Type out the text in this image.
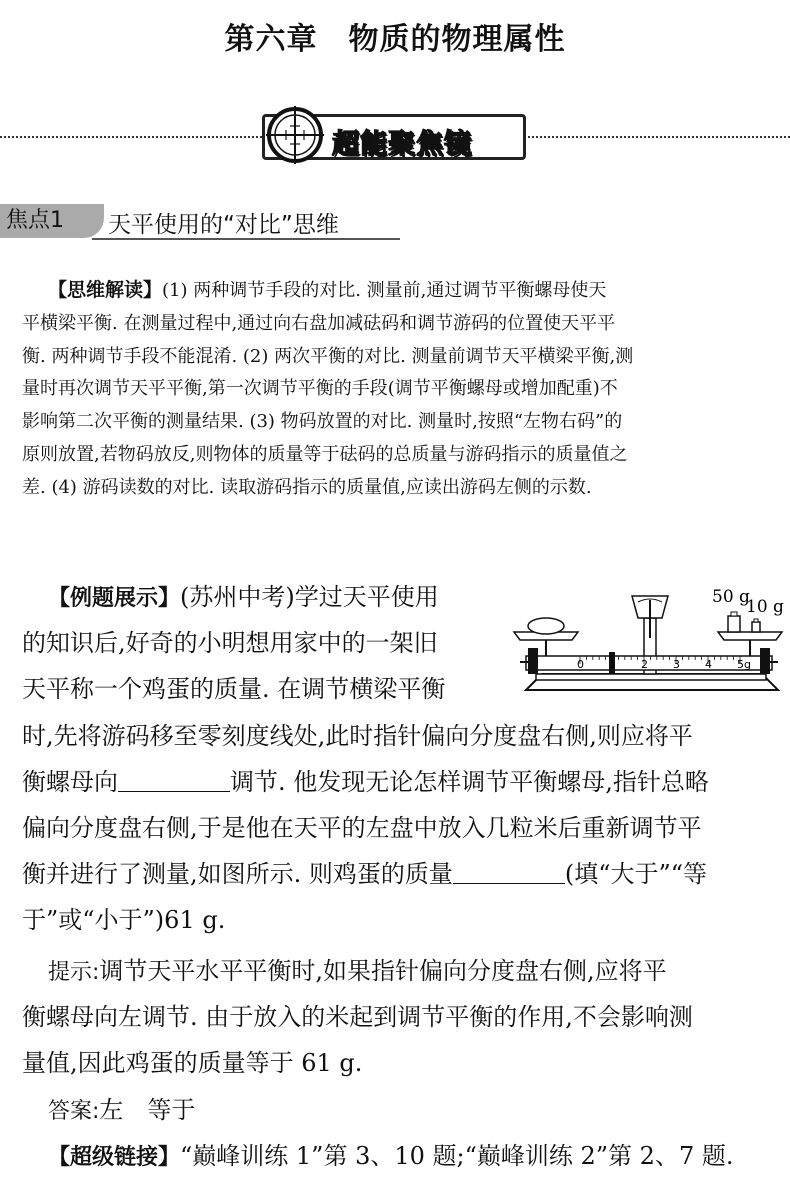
第六章　物质的物理属性
超能聚焦镜
焦点1	天平使用的“对比”思维
【思维解读】(1) 两种调节手段的对比. 测量前,通过调节平衡螺母使天
平横梁平衡. 在测量过程中,通过向右盘加减砝码和调节游码的位置使天平平
衡. 两种调节手段不能混淆. (2) 两次平衡的对比. 测量前调节天平横梁平衡,测
量时再次调节天平平衡,第一次调节平衡的手段(调节平衡螺母或增加配重)不
影响第二次平衡的测量结果. (3) 物码放置的对比. 测量时,按照“左物右码”的
原则放置,若物码放反,则物体的质量等于砝码的总质量与游码指示的质量值之
差. (4) 游码读数的对比. 读取游码指示的质量值,应读出游码左侧的示数.
【例题展示】(苏州中考)学过天平使用
的知识后,好奇的小明想用家中的一架旧
天平称一个鸡蛋的质量. 在调节横梁平衡
时,先将游码移至零刻度线处,此时指针偏向分度盘右侧,则应将平
衡螺母向	调节. 他发现无论怎样调节平衡螺母,指针总略
偏向分度盘右侧,于是他在天平的左盘中放入几粒米后重新调节平
衡并进行了测量,如图所示. 则鸡蛋的质量	(填“大于”“等
于”或“小于”)61 g.
50 g
10 g
0 1 2 3 4 5g
提示:调节天平水平平衡时,如果指针偏向分度盘右侧,应将平
衡螺母向左调节. 由于放入的米起到调节平衡的作用,不会影响测
量值,因此鸡蛋的质量等于 61 g.
答案:左　等于
【超级链接】“巅峰训练 1”第 3、10 题;“巅峰训练 2”第 2、7 题.
